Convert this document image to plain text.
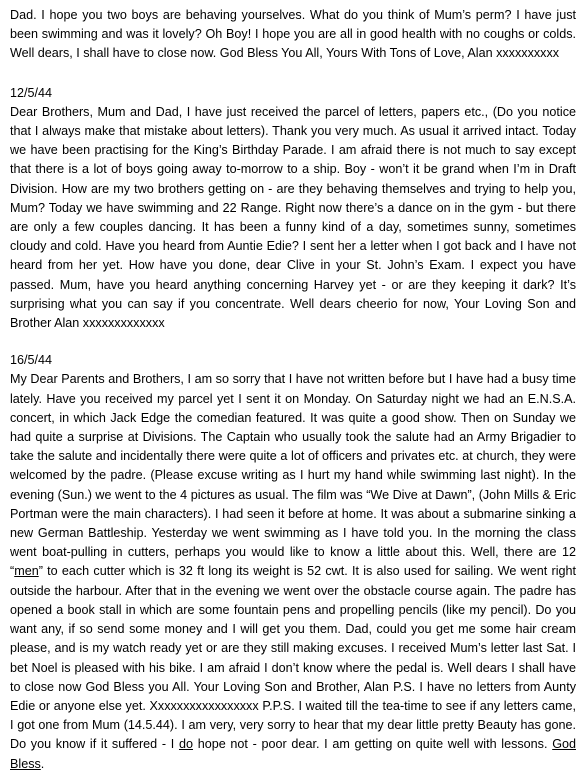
Dad. I hope you two boys are behaving yourselves. What do you think of Mum’s perm? I have just been swimming and was it lovely? Oh Boy! I hope you are all in good health with no coughs or colds. Well dears, I shall have to close now. God Bless You All, Yours With Tons of Love, Alan xxxxxxxxxx

12/5/44

Dear Brothers, Mum and Dad, I have just received the parcel of letters, papers etc., (Do you notice that I always make that mistake about letters). Thank you very much. As usual it arrived intact. Today we have been practising for the King’s Birthday Parade. I am afraid there is not much to say except that there is a lot of boys going away to-morrow to a ship. Boy - won’t it be grand when I’m in Draft Division. How are my two brothers getting on - are they behaving themselves and trying to help you, Mum? Today we have swimming and 22 Range. Right now there’s a dance on in the gym - but there are only a few couples dancing. It has been a funny kind of a day, sometimes sunny, sometimes cloudy and cold. Have you heard from Auntie Edie? I sent her a letter when I got back and I have not heard from her yet. How have you done, dear Clive in your St. John’s Exam. I expect you have passed. Mum, have you heard anything concerning Harvey yet - or are they keeping it dark? It’s surprising what you can say if you concentrate. Well dears cheerio for now, Your Loving Son and Brother Alan xxxxxxxxxxxxx

16/5/44

My Dear Parents and Brothers, I am so sorry that I have not written before but I have had a busy time lately. Have you received my parcel yet I sent it on Monday. On Saturday night we had an E.N.S.A. concert, in which Jack Edge the comedian featured. It was quite a good show. Then on Sunday we had quite a surprise at Divisions. The Captain who usually took the salute had an Army Brigadier to take the salute and incidentally there were quite a lot of officers and privates etc. at church, they were welcomed by the padre. (Please excuse writing as I hurt my hand while swimming last night). In the evening (Sun.) we went to the 4 pictures as usual. The film was “We Dive at Dawn”, (John Mills & Eric Portman were the main characters). I had seen it before at home. It was about a submarine sinking a new German Battleship. Yesterday we went swimming as I have told you. In the morning the class went boat-pulling in cutters, perhaps you would like to know a little about this. Well, there are 12 “men” to each cutter which is 32 ft long its weight is 52 cwt. It is also used for sailing. We went right outside the harbour. After that in the evening we went over the obstacle course again. The padre has opened a book stall in which are some fountain pens and propelling pencils (like my pencil). Do you want any, if so send some money and I will get you them. Dad, could you get me some hair cream please, and is my watch ready yet or are they still making excuses. I received Mum’s letter last Sat. I bet Noel is pleased with his bike. I am afraid I don’t know where the pedal is. Well dears I shall have to close now God Bless you All. Your Loving Son and Brother, Alan P.S. I have no letters from Aunty Edie or anyone else yet. Xxxxxxxxxxxxxxxxx P.P.S. I waited till the tea-time to see if any letters came, I got one from Mum (14.5.44). I am very, very sorry to hear that my dear little pretty Beauty has gone. Do you know if it suffered - I do hope not - poor dear. I am getting on quite well with lessons. God Bless.
